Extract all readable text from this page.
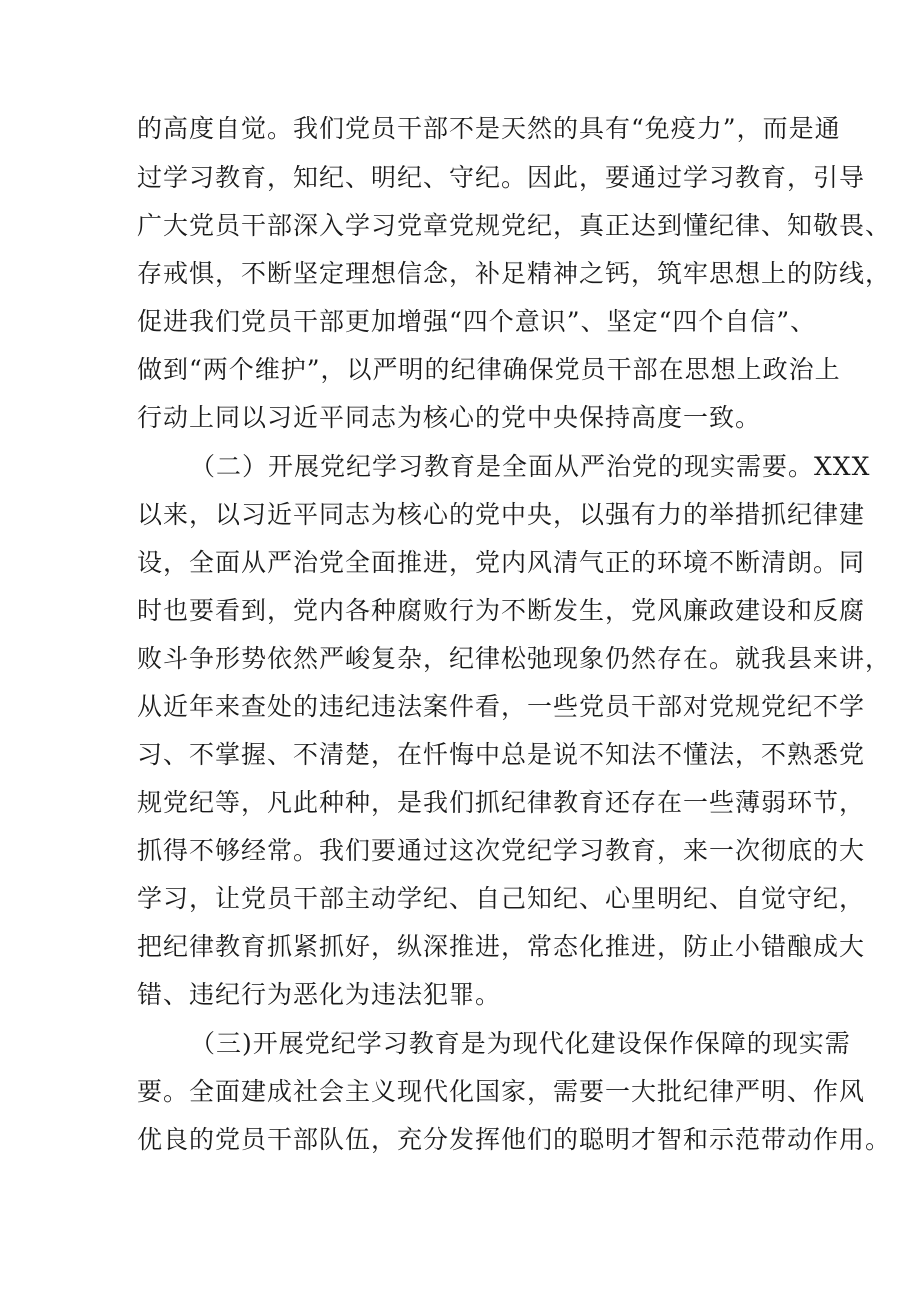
的高度自觉。我们党员干部不是天然的具有“免疫力”，而是通

过学习教育，知纪、明纪、守纪。因此，要通过学习教育，引导

广大党员干部深入学习党章党规党纪，真正达到懂纪律、知敬畏、

存戒惧，不断坚定理想信念，补足精神之钙，筑牢思想上的防线，

促进我们党员干部更加增强“四个意识”、坚定“四个自信”、

做到“两个维护”，以严明的纪律确保党员干部在思想上政治上

行动上同以习近平同志为核心的党中央保持高度一致。

（二）开展党纪学习教育是全面从严治党的现实需要。XXX

以来，以习近平同志为核心的党中央，以强有力的举措抓纪律建

设，全面从严治党全面推进，党内风清气正的环境不断清朗。同

时也要看到，党内各种腐败行为不断发生，党风廉政建设和反腐

败斗争形势依然严峻复杂，纪律松弛现象仍然存在。就我县来讲，

从近年来查处的违纪违法案件看，一些党员干部对党规党纪不学

习、不掌握、不清楚，在忏悔中总是说不知法不懂法，不熟悉党

规党纪等，凡此种种，是我们抓纪律教育还存在一些薄弱环节，

抓得不够经常。我们要通过这次党纪学习教育，来一次彻底的大

学习，让党员干部主动学纪、自己知纪、心里明纪、自觉守纪，

把纪律教育抓紧抓好，纵深推进，常态化推进，防止小错酿成大

错、违纪行为恶化为违法犯罪。

（三)开展党纪学习教育是为现代化建设保作保障的现实需

要。全面建成社会主义现代化国家，需要一大批纪律严明、作风

优良的党员干部队伍，充分发挥他们的聪明才智和示范带动作用。
